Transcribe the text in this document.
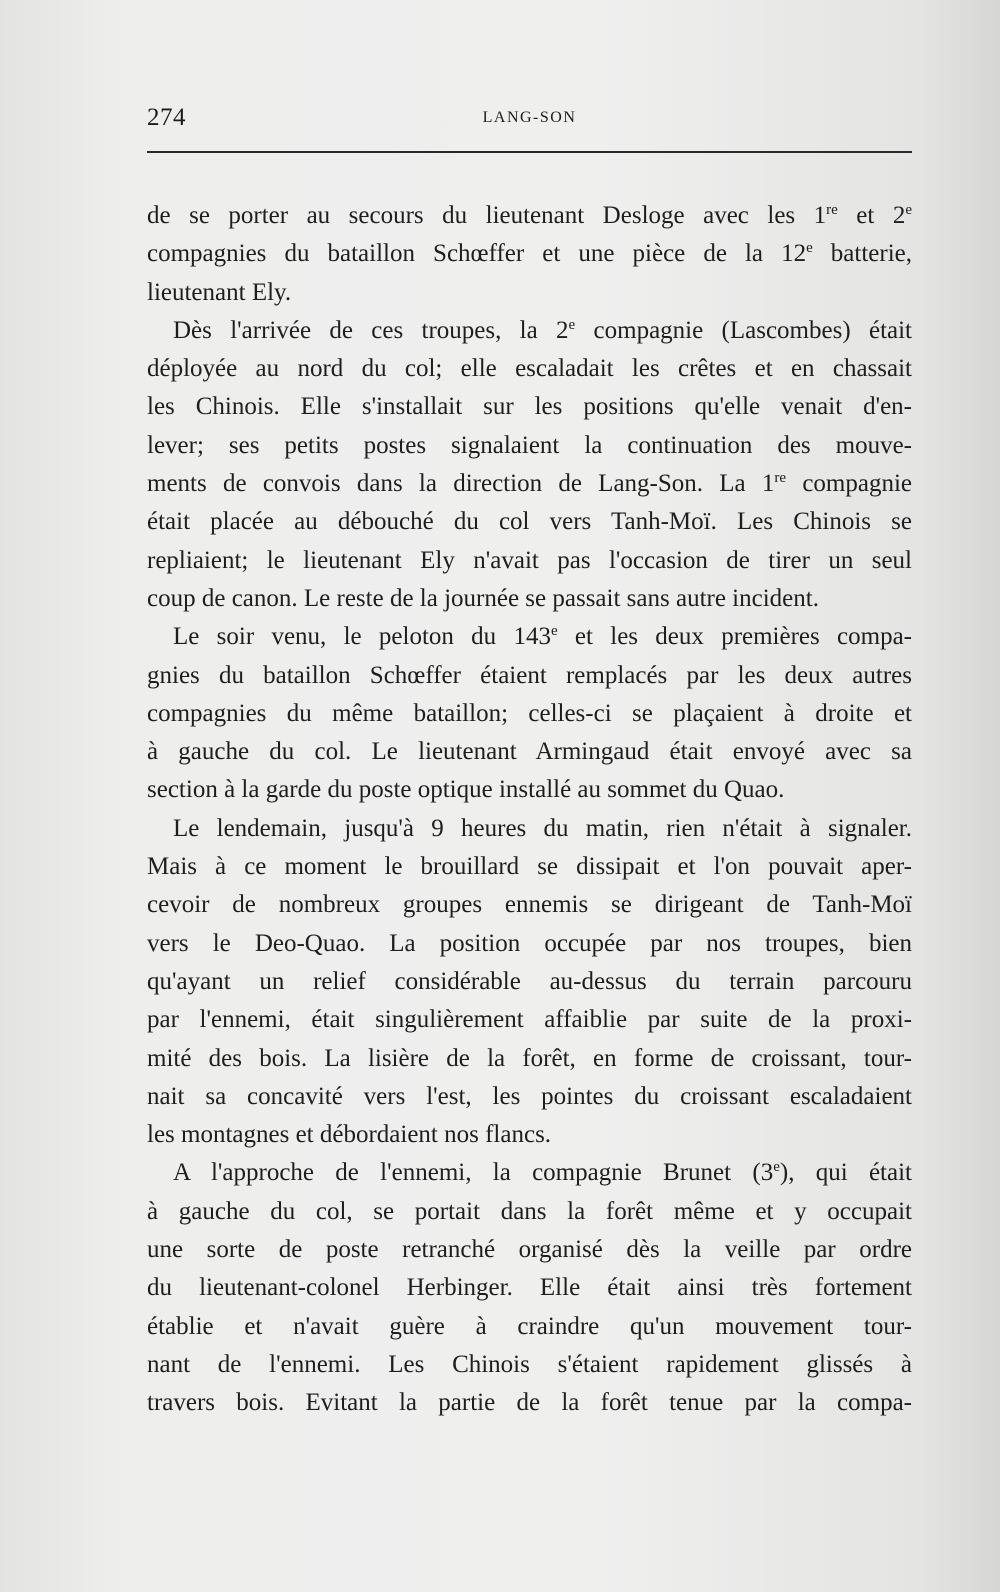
274	LANG-SON

de se porter au secours du lieutenant Desloge avec les 1re et 2e

compagnies du bataillon Schœffer et une pièce de la 12e batterie,

lieutenant Ely.

Dès l'arrivée de ces troupes, la 2e compagnie (Lascombes) était

déployée au nord du col; elle escaladait les crêtes et en chassait

les Chinois. Elle s'installait sur les positions qu'elle venait d'en-

lever; ses petits postes signalaient la continuation des mouve-

ments de convois dans la direction de Lang-Son. La 1re compagnie

était placée au débouché du col vers Tanh-Moï. Les Chinois se

repliaient; le lieutenant Ely n'avait pas l'occasion de tirer un seul

coup de canon. Le reste de la journée se passait sans autre incident.

Le soir venu, le peloton du 143e et les deux premières compa-

gnies du bataillon Schœffer étaient remplacés par les deux autres

compagnies du même bataillon; celles-ci se plaçaient à droite et

à gauche du col. Le lieutenant Armingaud était envoyé avec sa

section à la garde du poste optique installé au sommet du Quao.

Le lendemain, jusqu'à 9 heures du matin, rien n'était à signaler.

Mais à ce moment le brouillard se dissipait et l'on pouvait aper-

cevoir de nombreux groupes ennemis se dirigeant de Tanh-Moï

vers le Deo-Quao. La position occupée par nos troupes, bien

qu'ayant un relief considérable au-dessus du terrain parcouru

par l'ennemi, était singulièrement affaiblie par suite de la proxi-

mité des bois. La lisière de la forêt, en forme de croissant, tour-

nait sa concavité vers l'est, les pointes du croissant escaladaient

les montagnes et débordaient nos flancs.

A l'approche de l'ennemi, la compagnie Brunet (3e), qui était

à gauche du col, se portait dans la forêt même et y occupait

une sorte de poste retranché organisé dès la veille par ordre

du lieutenant-colonel Herbinger. Elle était ainsi très fortement

établie et n'avait guère à craindre qu'un mouvement tour-

nant de l'ennemi. Les Chinois s'étaient rapidement glissés à

travers bois. Evitant la partie de la forêt tenue par la compa-
